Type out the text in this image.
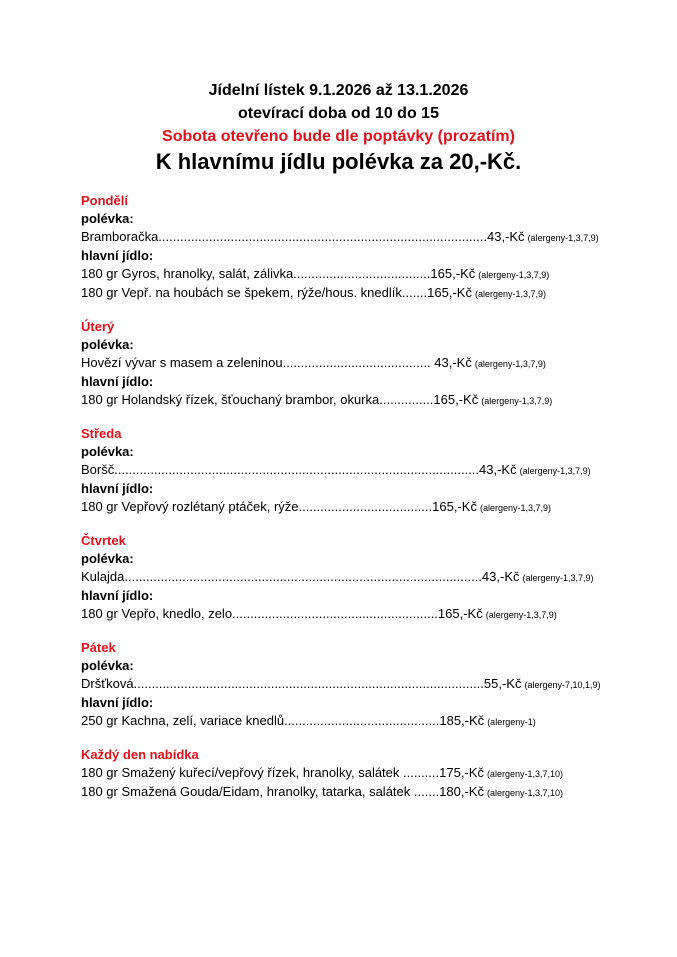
Jídelní lístek 9.1.2026 až 13.1.2026
otevírací doba od 10 do 15
Sobota otevřeno bude dle poptávky (prozatím)
K hlavnímu jídlu polévka za 20,-Kč.
Pondělí
polévka:
Bramboračka...........................................................................................43,-Kč (alergeny-1,3,7,9)
hlavní jídlo:
180 gr Gyros, hranolky, salát, zálivka......................................165,-Kč (alergeny-1,3,7,9)
180 gr Vepř. na houbách se špekem, rýže/hous. knedlík.......165,-Kč (alergeny-1,3,7,9)
Úterý
polévka:
Hovězí vývar s masem a zeleninou......................................... 43,-Kč (alergeny-1,3,7,9)
hlavní jídlo:
180 gr Holandský řízek, šťouchaný brambor, okurka...............165,-Kč (alergeny-1,3,7,9)
Středa
polévka:
Boršč.....................................................................................................43,-Kč (alergeny-1,3,7,9)
hlavní jídlo:
180 gr Vepřový rozlétaný ptáček, rýže.....................................165,-Kč (alergeny-1,3,7,9)
Čtvrtek
polévka:
Kulajda...................................................................................................43,-Kč (alergeny-1,3,7,9)
hlavní jídlo:
180 gr Vepřo, knedlo, zelo.........................................................165,-Kč (alergeny-1,3,7,9)
Pátek
polévka:
Dršťková.................................................................................................55,-Kč (alergeny-7,10,1,9)
hlavní jídlo:
250 gr Kachna, zelí, variace knedlů...........................................185,-Kč (alergeny-1)
Každý den nabídka
180 gr Smažený kuřecí/vepřový řízek, hranolky, salátek ..........175,-Kč (alergeny-1,3,7,10)
180 gr Smažená Gouda/Eidam, hranolky, tatarka, salátek .......180,-Kč (alergeny-1,3,7,10)
